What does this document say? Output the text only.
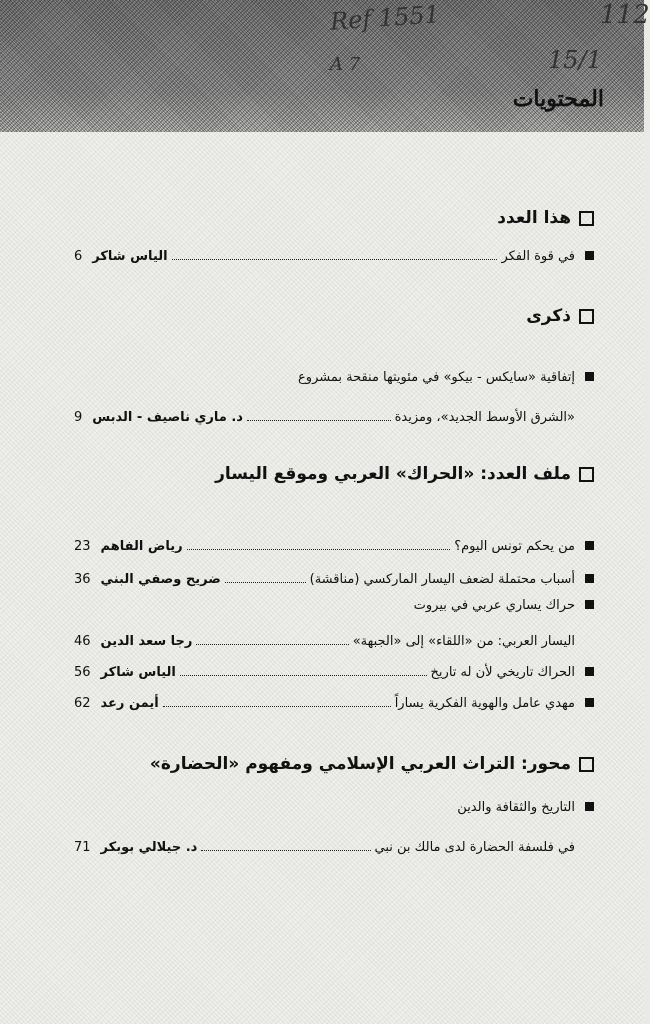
Ref 1551	112
15/1
A 7
المحتويات
هذا العدد
في قوة الفكر
الياس شاكر
6
ذكرى
إتفاقية «سايكس - بيكو» في مئويتها منقحة بمشروع
«الشرق الأوسط الجديد»، ومزيدة
د. ماري ناصيف - الدبس
9
ملف العدد: «الحراك» العربي وموقع اليسار
من يحكم تونس اليوم؟
رياض الفاهم
23
أسباب محتملة لضعف اليسار الماركسي (مناقشة)
ضريح وصفي البني
36
حراك يساري عربي في بيروت
اليسار العربي: من «اللقاء» إلى «الجبهة»
رجا سعد الدين
46
الحراك تاريخي لأن له تاريخ
الياس شاكر
56
مهدي عامل والهوية الفكرية يساراً
أيمن رعد
62
محور: التراث العربي الإسلامي ومفهوم «الحضارة»
التاريخ والثقافة والدين
في فلسفة الحضارة لدى مالك بن نبي
د. جيلالي بوبكر
71
